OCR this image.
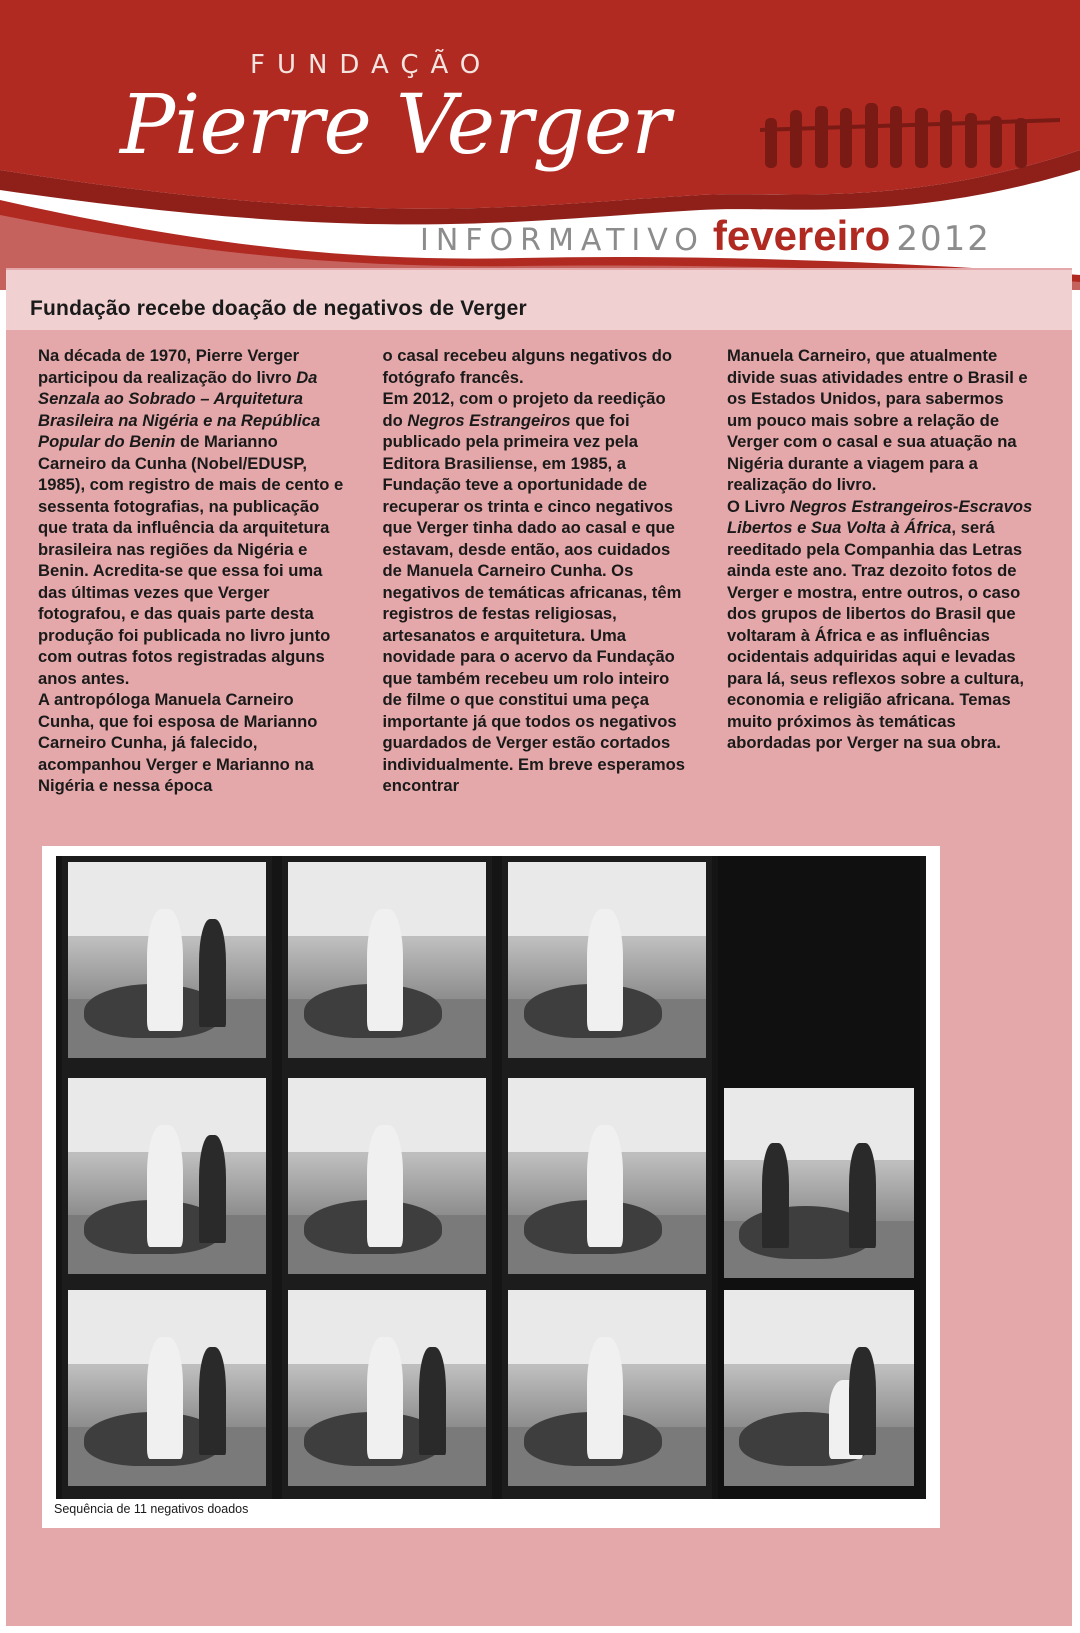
FUNDAÇÃO
Pierre Verger
INFORMATIVO fevereiro 2012
Fundação recebe doação de negativos de Verger

Na década de 1970, Pierre Verger participou da realização do livro Da Senzala ao Sobrado – Arquitetura Brasileira na Nigéria e na República Popular do Benin de Marianno Carneiro da Cunha (Nobel/EDUSP, 1985), com registro de mais de cento e sessenta fotografias, na publicação que trata da influência da arquitetura brasileira nas regiões da Nigéria e Benin. Acredita-se que essa foi uma das últimas vezes que Verger fotografou, e das quais parte desta produção foi publicada no livro junto com outras fotos registradas alguns anos antes.

A antropóloga Manuela Carneiro Cunha, que foi esposa de Marianno Carneiro Cunha, já falecido, acompanhou Verger e Marianno na Nigéria e nessa época

o casal recebeu alguns negativos do fotógrafo francês.

Em 2012, com o projeto da reedição do Negros Estrangeiros que foi publicado pela primeira vez pela Editora Brasiliense, em 1985, a Fundação teve a oportunidade de recuperar os trinta e cinco negativos que Verger tinha dado ao casal e que estavam, desde então, aos cuidados de Manuela Carneiro Cunha. Os negativos de temáticas africanas, têm registros de festas religiosas, artesanatos e arquitetura. Uma novidade para o acervo da Fundação que também recebeu um rolo inteiro de filme o que constitui uma peça importante já que todos os negativos guardados de Verger estão cortados individualmente. Em breve esperamos encontrar

Manuela Carneiro, que atualmente divide suas atividades entre o Brasil e os Estados Unidos, para sabermos um pouco mais sobre a relação de Verger com o casal e sua atuação na Nigéria durante a viagem para a realização do livro.

O Livro Negros Estrangeiros-Escravos Libertos e Sua Volta à África, será reeditado pela Companhia das Letras ainda este ano. Traz dezoito fotos de Verger e mostra, entre outros, o caso dos grupos de libertos do Brasil que voltaram à África e as influências ocidentais adquiridas aqui e levadas para lá, seus reflexos sobre a cultura, economia e religião africana. Temas muito próximos às temáticas abordadas por Verger na sua obra.

Sequência de 11 negativos doados
